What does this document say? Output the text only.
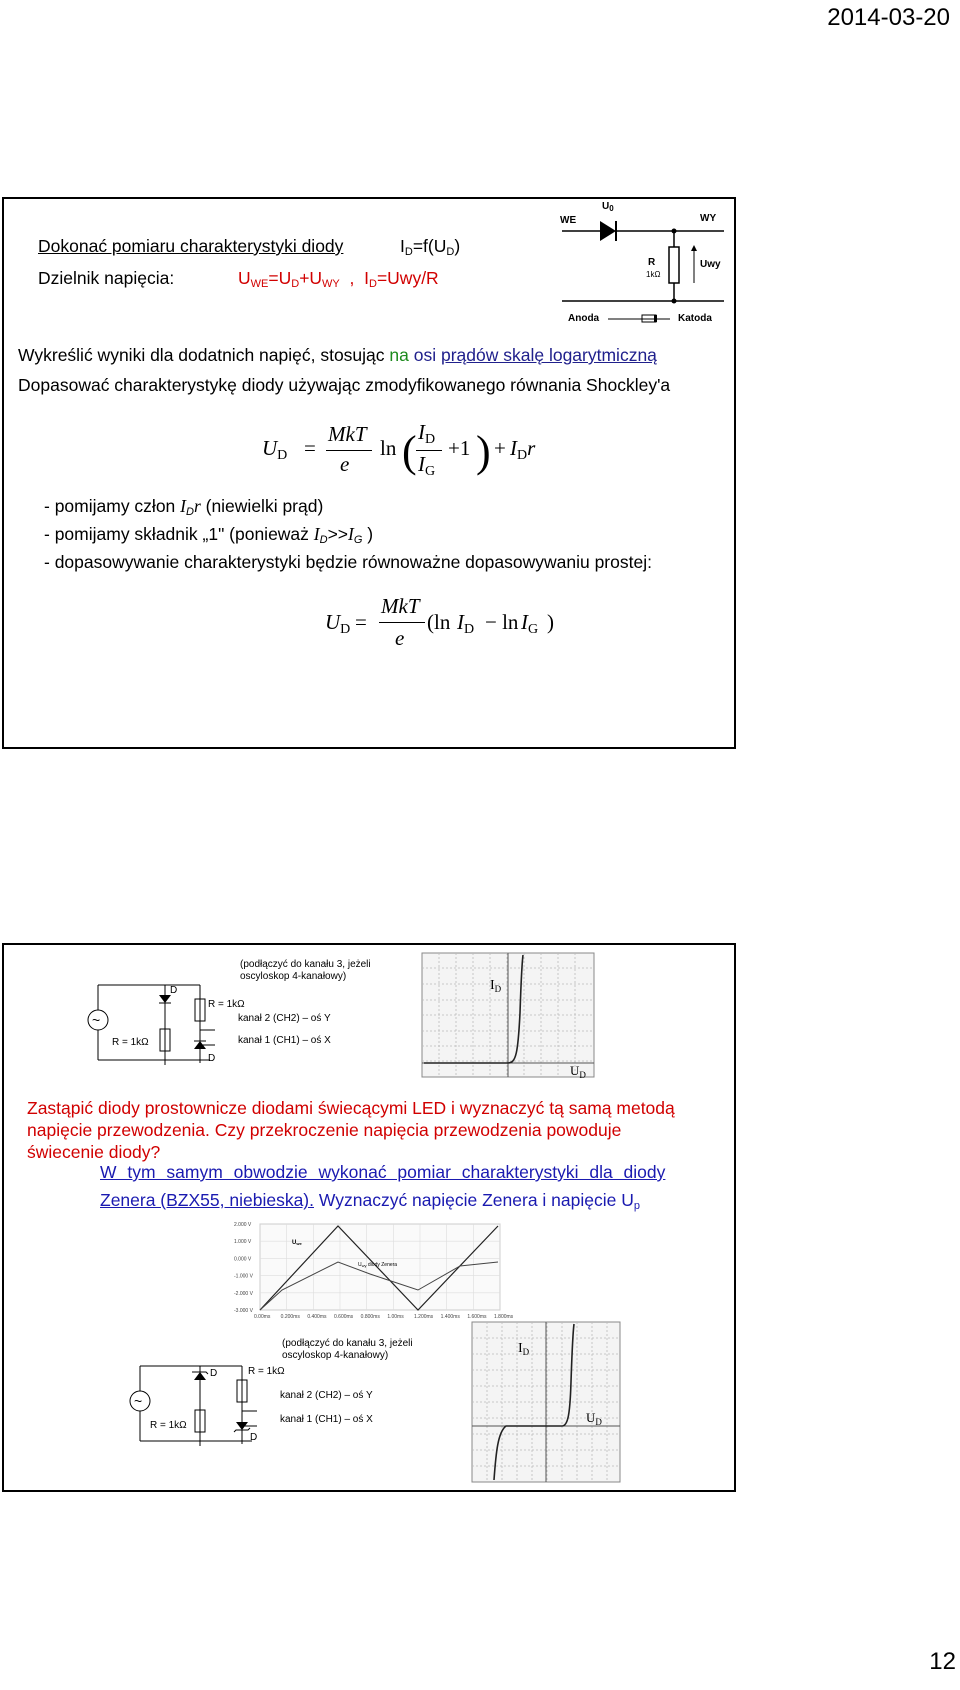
2014-03-20
Dokonać pomiaru charakterystyki diody	ID=f(UD)
Dzielnik napięcia:	UWE=UD+UWY , ID=Uwy/R
WE
$U_0$
WY
R
1kΩ
Uwy
Anoda	Katoda
Wykreślić wyniki dla dodatnich napięć, stosując na osi prądów skalę logarytmiczną
Dopasować charakterystykę diody używając zmodyfikowanego równania Shockley'a
$U_D$ =
MkT
e
ln ( $I_D$
$I_G$
+1 ) + $I_Dr$
- pomijamy człon IDr (niewielki prąd)
- pomijamy składnik „1" (ponieważ ID>>IG )
- dopasowywanie charakterystyki będzie równoważne dopasowywaniu prostej:
$U_D$ =
MkT
e
(ln $I_D - \ln I_G$ )
~
D
R = 1kΩ
R = 1kΩ
D
(podłączyć do kanału 3, jeżeli
oscyloskop 4-kanałowy)
kanał 2 (CH2) – oś Y
kanał 1 (CH1) – oś X
$I_D$
$U_D$
Zastąpić diody prostownicze diodami świecącymi LED i wyznaczyć tą samą metodą
napięcie przewodzenia. Czy przekroczenie napięcia przewodzenia powoduje
świecenie diody?
W tym samym obwodzie wykonać pomiar charakterystyki dla diody
Zenera (BZX55, niebieska). Wyznaczyć napięcie Zenera i napięcie Up
2.000 V
1.000 V
0.000 V
-1.000 V
-2.000 V
-3.000 V
0.00ms 0.200ms 0.400ms 0.600ms 0.800ms 1.00ms 1.200ms 1.400ms 1.600ms 1.800ms
Uwe
$U_{wy}$ diody Zenera
~
D	R = 1kΩ
R = 1kΩ
D
(podłączyć do kanału 3, jeżeli
oscyloskop 4-kanałowy)
kanał 2 (CH2) – oś Y
kanał 1 (CH1) – oś X
$I_D$
$U_D$
12
